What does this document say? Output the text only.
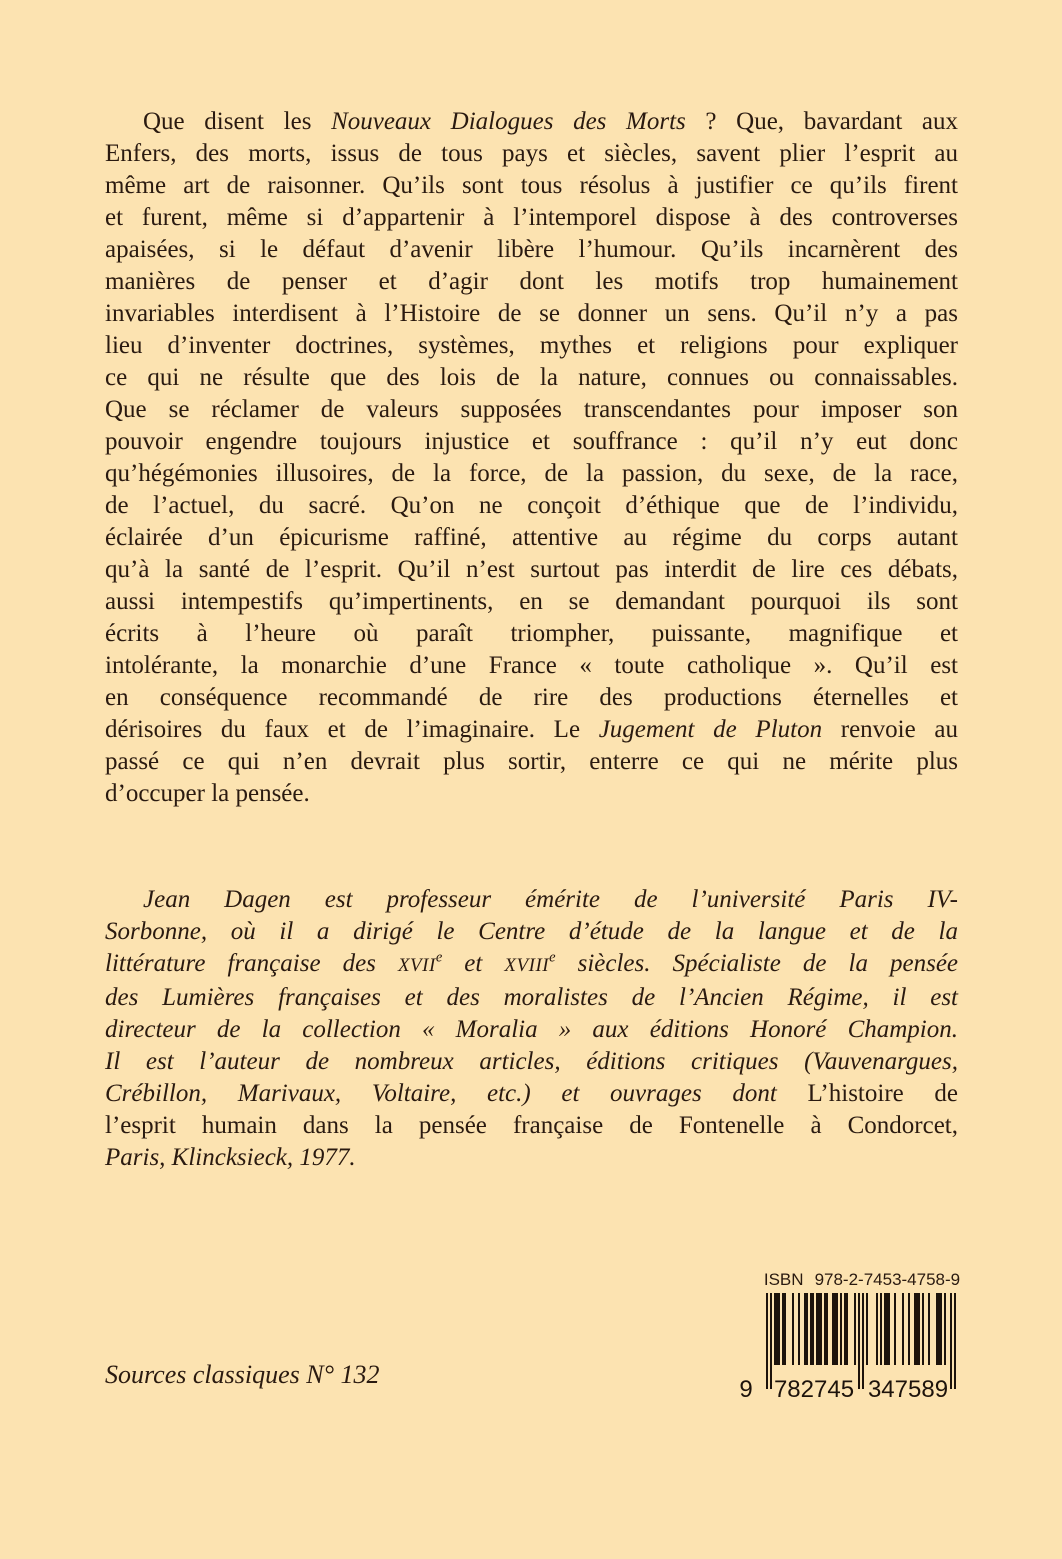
Que disent les Nouveaux Dialogues des Morts ? Que, bavardant aux
Enfers, des morts, issus de tous pays et siècles, savent plier l’esprit au
même art de raisonner. Qu’ils sont tous résolus à justifier ce qu’ils firent
et furent, même si d’appartenir à l’intemporel dispose à des controverses
apaisées, si le défaut d’avenir libère l’humour. Qu’ils incarnèrent des
manières de penser et d’agir dont les motifs trop humainement
invariables interdisent à l’Histoire de se donner un sens. Qu’il n’y a pas
lieu d’inventer doctrines, systèmes, mythes et religions pour expliquer
ce qui ne résulte que des lois de la nature, connues ou connaissables.
Que se réclamer de valeurs supposées transcendantes pour imposer son
pouvoir engendre toujours injustice et souffrance : qu’il n’y eut donc
qu’hégémonies illusoires, de la force, de la passion, du sexe, de la race,
de l’actuel, du sacré. Qu’on ne conçoit d’éthique que de l’individu,
éclairée d’un épicurisme raffiné, attentive au régime du corps autant
qu’à la santé de l’esprit. Qu’il n’est surtout pas interdit de lire ces débats,
aussi intempestifs qu’impertinents, en se demandant pourquoi ils sont
écrits à l’heure où paraît triompher, puissante, magnifique et
intolérante, la monarchie d’une France « toute catholique ». Qu’il est
en conséquence recommandé de rire des productions éternelles et
dérisoires du faux et de l’imaginaire. Le Jugement de Pluton renvoie au
passé ce qui n’en devrait plus sortir, enterre ce qui ne mérite plus
d’occuper la pensée.
Jean Dagen est professeur émérite de l’université Paris IV-
Sorbonne, où il a dirigé le Centre d’étude de la langue et de la
littérature française des XVIIe et XVIIIe siècles. Spécialiste de la pensée
des Lumières françaises et des moralistes de l’Ancien Régime, il est
directeur de la collection « Moralia » aux éditions Honoré Champion.
Il est l’auteur de nombreux articles, éditions critiques (Vauvenargues,
Crébillon, Marivaux, Voltaire, etc.) et ouvrages dont L’histoire de
l’esprit humain dans la pensée française de Fontenelle à Condorcet,
Paris, Klincksieck, 1977.
ISBN 978-2-7453-4758-9
9 782745 347589
Sources classiques N° 132
